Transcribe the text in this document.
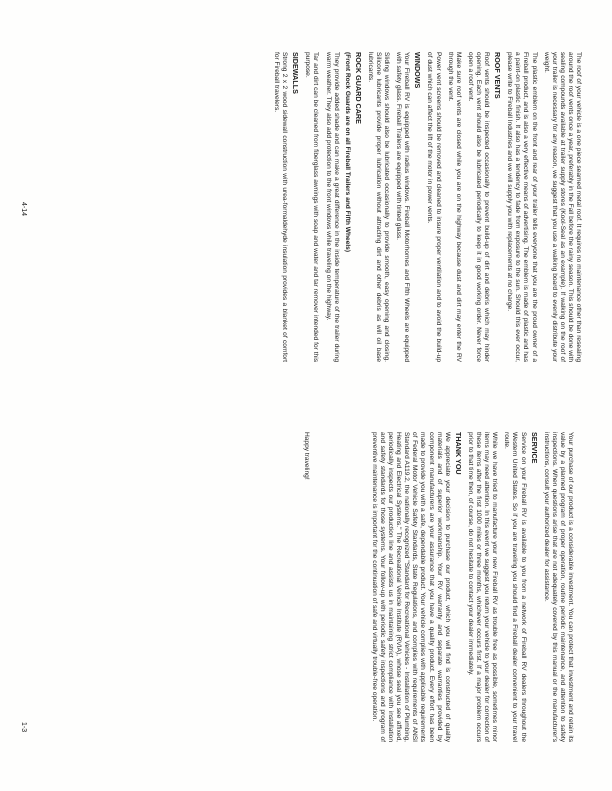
The roof of your vehicle is a one piece seamed metal roof. It requires no maintenance other than resealing around the roof vents once a year, preferably in the Fall before the rainy season. This should be done with sealing compounds available at trailer supply stores (Kool-Seal as an example). If walking on the roof of your trailer is necessary for any reason, we suggest that you use a walking board to evenly distribute your weight.

The plastic emblem on the front and rear of your trailer tells everyone that you are the proud owner of a Fireball product, and is also a very effective means of advertising. The emblem is made of plastic and has a paint-on plastic finish. It also has a tendency to fade from exposure to the sun. Should this ever occur, please write to Fireball Industries and we will supply you with replacements at no charge.

ROOF VENTS

Roof vents should be inspected occasionally to prevent build-up of dirt and debris which may hinder opening. Each vent should also be lubricated periodically to keep it in good working order. Never force open a roof vent.

Make sure roof vents are closed while you are on the highway because dust and dirt may enter the RV through the vent.

Power vent screens should be removed and cleaned to insure proper ventilation and to avoid the build-up of dust which can affect the lift of the motor in power vents.

WINDOWS

Your Fireball RV is equipped with radius windows. Fireball Motorhomes and Fifth Wheels are equipped with safety glass. Fireball Trailers are equipped with tinted glass.

Sliding windows should also be lubricated occasionally to provide smooth, easy opening and closing. Silicone lubricants provide proper lubrication without attracting dirt and other debris as will oil base lubricants.

ROCK GUARD CARE
(Front Rock Guards are on all Fireball Trailers and Fifth Wheels)

They provide added shade and can make a great difference in the inside temperature of the trailer during warm weather. They also add protection to the front windows while traveling on the highway.

Tar and dirt can be cleaned from fiberglass awnings with soap and water and tar remover intended for this purpose.

SIDEWALLS

Strong 2 x 2 wood sidewall construction with urea-formaldehyde insulation provides a blanket of comfort for Fireball travelers.

4-14

Your purchase of our product is a considerable investment. You can protect that investment and retain its value by a planned program of proper operation, routine periodic maintenance, and attention to safety inspections. When questions arise that are not adequately covered by this manual or the manufacturer's instructions, consult your authorized dealer for assistance.

SERVICE

Service on your Fireball RV is available to you from a network of Fireball RV dealers throughout the Western United States. So if you are traveling you should find a Fireball dealer convenient to your travel route.

While we have tried to manufacture your new Fireball RV as trouble free as possible, sometimes minor items may need attention. In this event we suggest you return your vehicle to your dealer for correction of these items after the first 1000 miles or three months, whichever occurs first. If a major problem occurs prior to that time then, of course, do not hesitate to contact your dealer immediately.

THANK YOU

We appreciate your decision to purchase our product, which you will find is constructed of quality materials and of superior workmanship. Your RV warranty and separate warranties provided by component manufacturers are your assurance that you have a quality product. Every effort has been made to provide you with a safe, dependable product. Your vehicle complies with applicable requirements of Federal Motor Vehicle Safety Standards, State Regulations, and complies with requirements of ANSI Standard A119.2, the nationally recognized "Standard for Recreational Vehicles - Installation of Plumbing, Heating and Electrical Systems." The Recreational Vehicle Institute (RVIA), whose seal you see affixed, periodically inspects our production line and assists us in maintaining strict compliance with installation and safety standards for those systems. Your follow-up with periodic safety inspections and program of preventive maintenance is important for the continuation of safe and virtually trouble-free operation.

Happy traveling!

1-3
